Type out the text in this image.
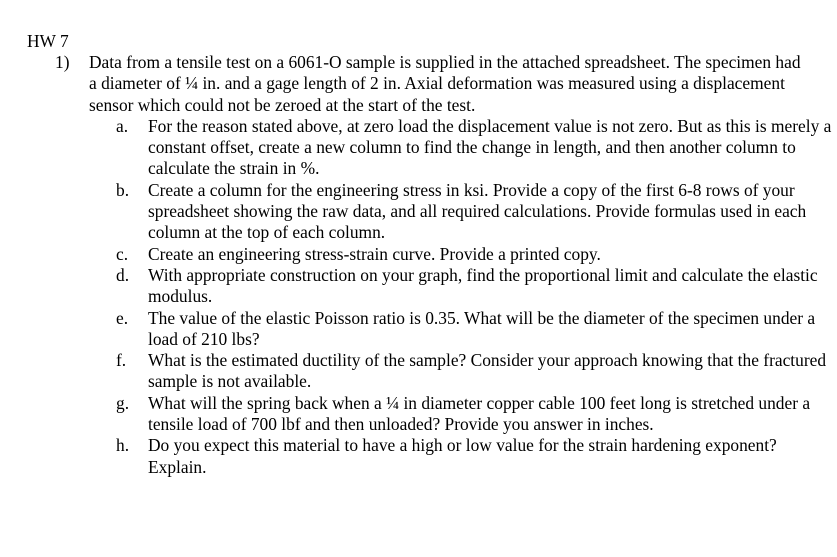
HW 7
1) Data from a tensile test on a 6061-O sample is supplied in the attached spreadsheet. The specimen had a diameter of ¼ in. and a gage length of 2 in. Axial deformation was measured using a displacement sensor which could not be zeroed at the start of the test.

a. For the reason stated above, at zero load the displacement value is not zero. But as this is merely a constant offset, create a new column to find the change in length, and then another column to calculate the strain in %.
b. Create a column for the engineering stress in ksi. Provide a copy of the first 6-8 rows of your spreadsheet showing the raw data, and all required calculations. Provide formulas used in each column at the top of each column.
c. Create an engineering stress-strain curve. Provide a printed copy.
d. With appropriate construction on your graph, find the proportional limit and calculate the elastic modulus.
e. The value of the elastic Poisson ratio is 0.35. What will be the diameter of the specimen under a load of 210 lbs?
f. What is the estimated ductility of the sample? Consider your approach knowing that the fractured sample is not available.
g. What will the spring back when a ¼ in diameter copper cable 100 feet long is stretched under a tensile load of 700 lbf and then unloaded? Provide you answer in inches.
h. Do you expect this material to have a high or low value for the strain hardening exponent? Explain.
